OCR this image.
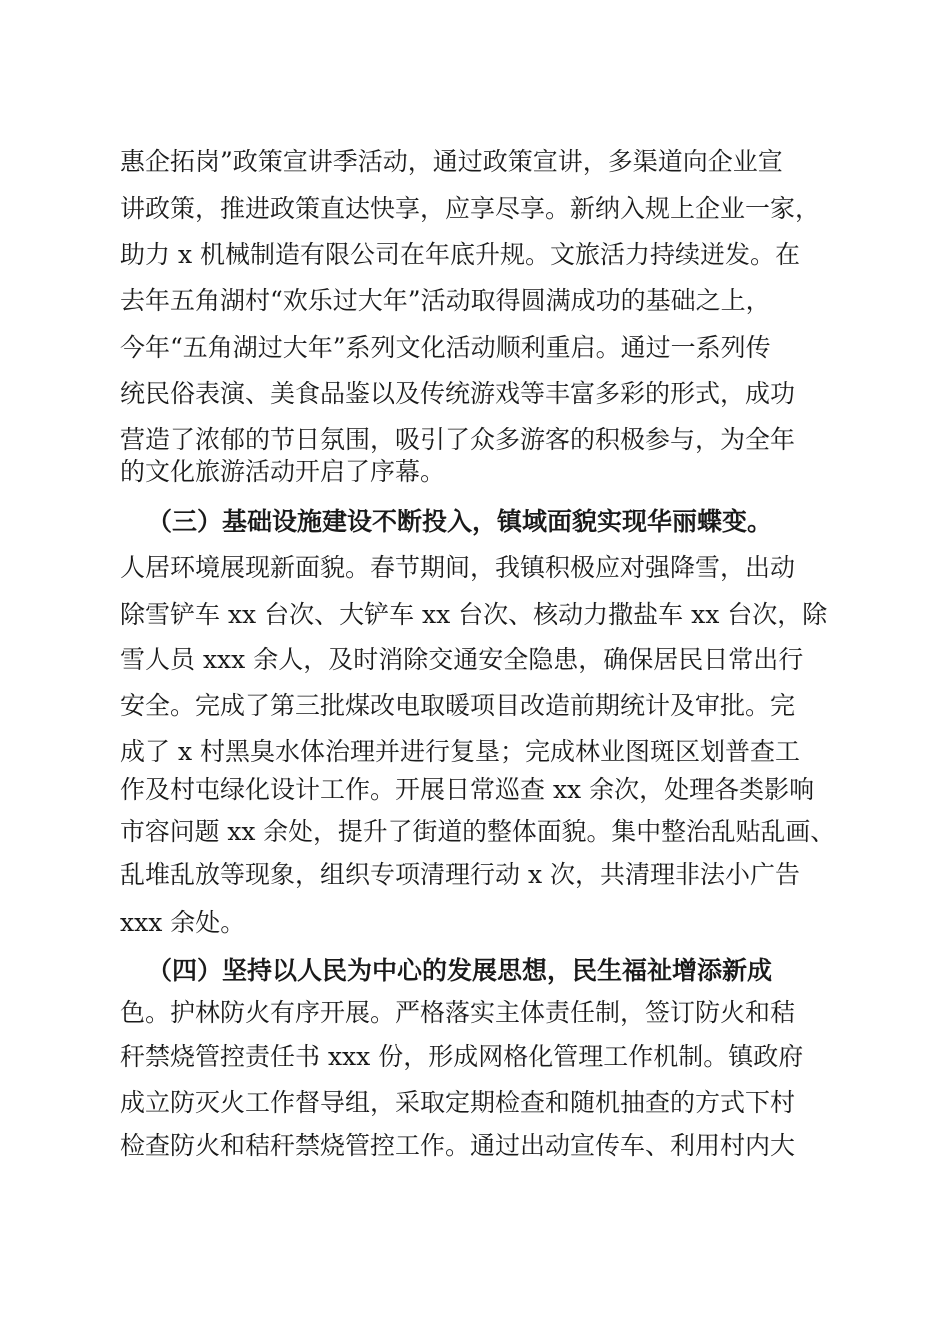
惠企拓岗”政策宣讲季活动，通过政策宣讲，多渠道向企业宣
讲政策，推进政策直达快享，应享尽享。新纳入规上企业一家，
助力 x 机械制造有限公司在年底升规。文旅活力持续迸发。在
去年五角湖村“欢乐过大年”活动取得圆满成功的基础之上，
今年“五角湖过大年”系列文化活动顺利重启。通过一系列传
统民俗表演、美食品鉴以及传统游戏等丰富多彩的形式，成功
营造了浓郁的节日氛围，吸引了众多游客的积极参与，为全年
的文化旅游活动开启了序幕。
（三）基础设施建设不断投入，镇域面貌实现华丽蝶变。
人居环境展现新面貌。春节期间，我镇积极应对强降雪，出动
除雪铲车 xx 台次、大铲车 xx 台次、核动力撒盐车 xx 台次，除
雪人员 xxx 余人，及时消除交通安全隐患，确保居民日常出行
安全。完成了第三批煤改电取暖项目改造前期统计及审批。完
成了 x 村黑臭水体治理并进行复垦；完成林业图斑区划普查工
作及村屯绿化设计工作。开展日常巡查 xx 余次，处理各类影响
市容问题 xx 余处，提升了街道的整体面貌。集中整治乱贴乱画、
乱堆乱放等现象，组织专项清理行动 x 次，共清理非法小广告
xxx 余处。
（四）坚持以人民为中心的发展思想，民生福祉增添新成
色。护林防火有序开展。严格落实主体责任制，签订防火和秸
秆禁烧管控责任书 xxx 份，形成网格化管理工作机制。镇政府
成立防灭火工作督导组，采取定期检查和随机抽查的方式下村
检查防火和秸秆禁烧管控工作。通过出动宣传车、利用村内大
